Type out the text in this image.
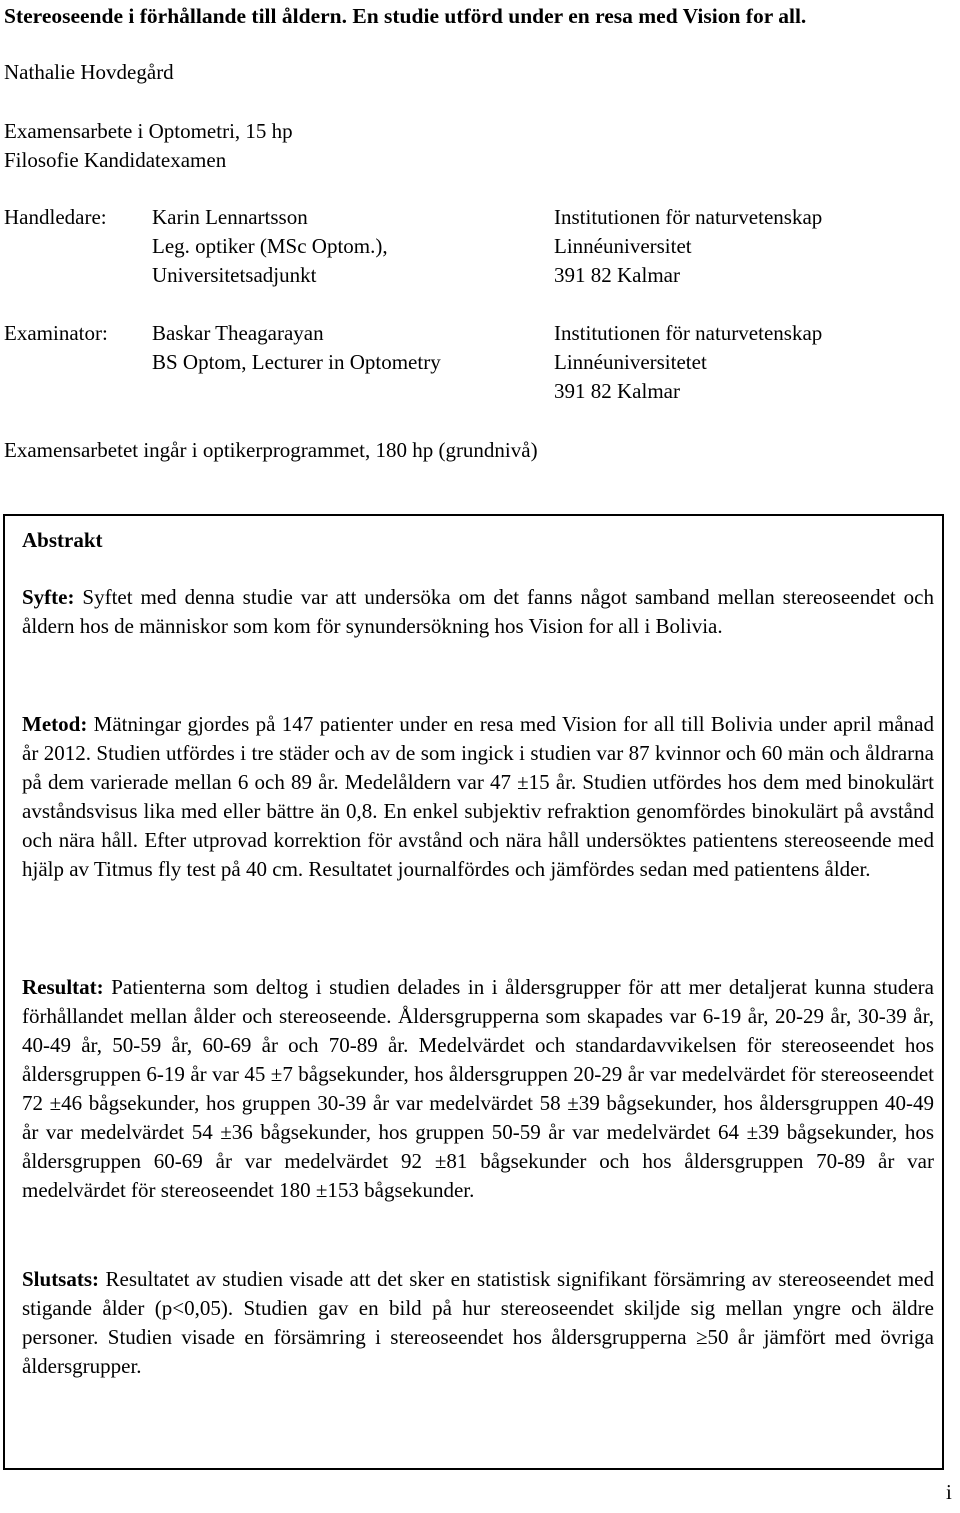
Stereoseende i förhållande till åldern. En studie utförd under en resa med Vision for all.
Nathalie Hovdegård
Examensarbete i Optometri, 15 hp
Filosofie Kandidatexamen
Handledare: Karin Lennartsson
Leg. optiker (MSc Optom.),
Universitetsadjunkt
Institutionen för naturvetenskap
Linnéuniversitet
391 82 Kalmar
Examinator: Baskar Theagarayan
BS Optom, Lecturer in Optometry
Institutionen för naturvetenskap
Linnéuniversitetet
391 82 Kalmar
Examensarbetet ingår i optikerprogrammet, 180 hp (grundnivå)
Abstrakt
Syfte: Syftet med denna studie var att undersöka om det fanns något samband mellan stereoseendet och åldern hos de människor som kom för synundersökning hos Vision for all i Bolivia.
Metod: Mätningar gjordes på 147 patienter under en resa med Vision for all till Bolivia under april månad år 2012. Studien utfördes i tre städer och av de som ingick i studien var 87 kvinnor och 60 män och åldrarna på dem varierade mellan 6 och 89 år. Medelåldern var 47 ±15 år. Studien utfördes hos dem med binokulärt avståndsvisus lika med eller bättre än 0,8. En enkel subjektiv refraktion genomfördes binokulärt på avstånd och nära håll. Efter utprovad korrektion för avstånd och nära håll undersöktes patientens stereoseende med hjälp av Titmus fly test på 40 cm. Resultatet journalfördes och jämfördes sedan med patientens ålder.
Resultat: Patienterna som deltog i studien delades in i åldersgrupper för att mer detaljerat kunna studera förhållandet mellan ålder och stereoseende. Åldersgrupperna som skapades var 6-19 år, 20-29 år, 30-39 år, 40-49 år, 50-59 år, 60-69 år och 70-89 år. Medelvärdet och standardavvikelsen för stereoseendet hos åldersgruppen 6-19 år var 45 ±7 bågsekunder, hos åldersgruppen 20-29 år var medelvärdet för stereoseendet 72 ±46 bågsekunder, hos gruppen 30-39 år var medelvärdet 58 ±39 bågsekunder, hos åldersgruppen 40-49 år var medelvärdet 54 ±36 bågsekunder, hos gruppen 50-59 år var medelvärdet 64 ±39 bågsekunder, hos åldersgruppen 60-69 år var medelvärdet 92 ±81 bågsekunder och hos åldersgruppen 70-89 år var medelvärdet för stereoseendet 180 ±153 bågsekunder.
Slutsats: Resultatet av studien visade att det sker en statistisk signifikant försämring av stereoseendet med stigande ålder (p<0,05). Studien gav en bild på hur stereoseendet skiljde sig mellan yngre och äldre personer. Studien visade en försämring i stereoseendet hos åldersgrupperna ≥50 år jämfört med övriga åldersgrupper.
i
